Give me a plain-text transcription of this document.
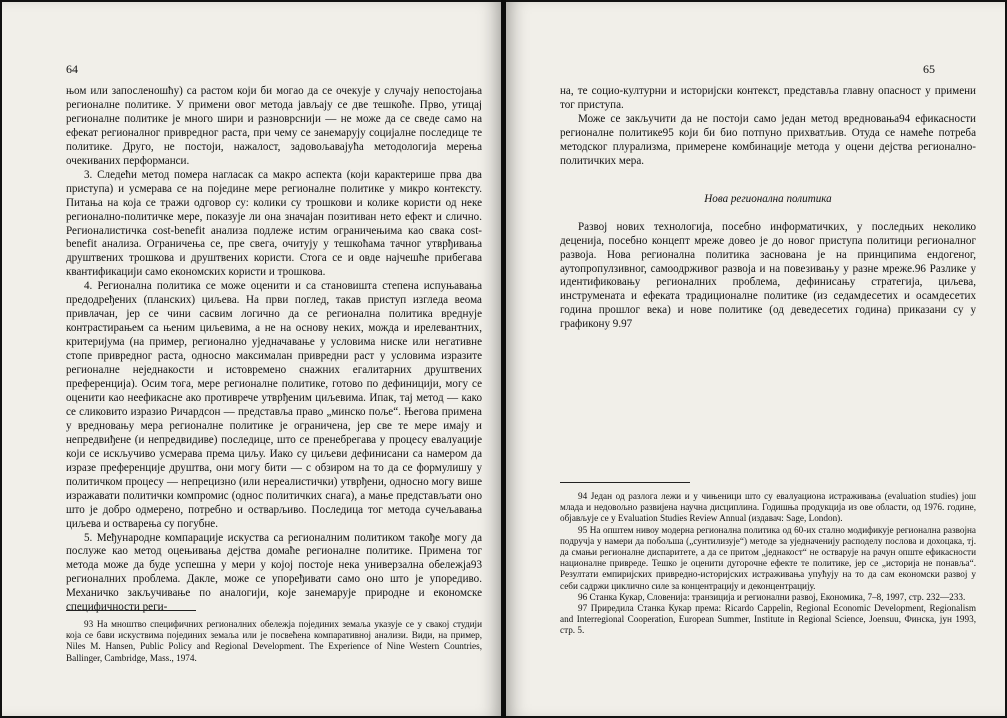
64

њом или запосленошћу) са растом који би могао да се очекује у случају непостојања регионалне политике. У примени овог метода јављају се две тешкоће. Прво, утицај регионалне политике је много шири и разноврснији — не може да се сведе само на ефекат регионалног привредног раста, при чему се занемарују социјалне последице те политике. Друго, не постоји, нажалост, задовољавајућа методологија мерења очекиваних перформанси.

3. Следећи метод померa нагласак са макро аспекта (који карактерише прва два приступа) и усмерава се на поједине мере регионалне политике у микро контексту. Питања на која се тражи одговор су: колики су трошкови и колике користи од неке регионално-политичке мере, показује ли она значајан позитиван нето ефект и слично. Регионалистичка cost-benefit анализа подлеже истим ограничењима као свака cost-benefit анализа. Ограничења се, пре свега, очитују у тешкоћама тачног утврђивања друштвених трошкова и друштвених користи. Стога се и овде најчешће прибегава квантификацији само економских користи и трошкова.

4. Регионална политика се може оценити и са становишта степена испуњавања предодређених (планских) циљева. На први поглед, такав приступ изгледа веома привлачан, јер се чини сасвим логично да се регионална политика вреднује контрастирањем са њеним циљевима, а не на основу неких, можда и ирелевантних, критеријума (на пример, регионално уједначавање у условима ниске или негативне стопе привредног раста, односно максималан привредни раст у условима изразите регионалне неједнакости и истовремено снажних егалитарних друштвених преференција). Осим тога, мере регионалне политике, готово по дефиницији, могу се оценити као неефикасне ако противрече утврђеним циљевима. Ипак, тај метод — како се сликовито изразио Ричардсон — представља право „минско поље“. Његова примена у вредновању мера регионалне политике је ограничена, јер све те мере имају и непредвиђене (и непредвидиве) последице, што се пренебрегава у процесу евалуације који се искључиво усмерава према циљу. Иако су циљеви дефинисани са намером да изразе преференције друштва, они могу бити — с обзиром на то да се формулишу у политичком процесу — непрецизно (или нереалистички) утврђени, односно могу више изражавати политички компромис (однос политичких снага), а мање представљати оно што је добро одмерено, потребно и остварљиво. Последица тог метода сучељавања циљева и остварења су погубне.

5. Међународне компарације искуства са регионалним политиком такође могу да послуже као метод оцењивања дејства домаће регионалне политике. Примена тог метода може да буде успешна у мери у којој постоје нека универзална обележја93 регионалних проблема. Дакле, може се упоређивати само оно што је упоредиво. Механичко закључивање по аналогији, које занемарује природне и економске специфичности реги-

93 На мноштво специфичних регионалних обележја појединих земаља указује се у свакој студији која се бави искуствима појединих земаља или је посвећена компаративној анализи. Види, на пример, Niles M. Hansen, Public Policy and Regional Development. The Experience of Nine Western Countries, Ballinger, Cambridge, Mass., 1974.

65

на, те социо-културни и историјски контекст, представља главну опасност у примени тог приступа.

Може се закључити да не постоји само један метод вредновања94 ефикасности регионалне политике95 који би био потпуно прихватљив. Отуда се намеће потреба методског плурализма, примерене комбинације метода у оцени дејства регионално-политичких мера.

Нова регионална политика

Развој нових технологија, посебно информатичких, у последњих неколико деценија, посебно концепт мреже довео је до новог приступа политици регионалног развоја. Нова регионална политика заснована је на принципима ендогеног, аутопропулзивног, самоодрживог развоја и на повезивању у разне мреже.96 Разлике у идентификовању регионалних проблема, дефинисању стратегија, циљева, инструмената и ефеката традиционалне политике (из седамдесетих и осамдесетих година прошлог века) и нове политике (од деведесетих година) приказани су у графикону 9.97

94 Један од разлога лежи и у чињеници што су евалуациона истраживања (evaluation studies) још млада и недовољно развијена научна дисциплина. Годишња продукција из ове области, од 1976. године, објављује се у Evaluation Studies Review Annual (издавач: Sage, London).

95 На општем нивоу модерна регионална политика од 60-их стално модификује регионална развојна подручја у намери да побољша („сунтилизује“) методе за уједначенију расподелу послова и дохоцака, тј. да смањи регионалне диспаритете, а да се притом „једнакост“ не остварује на рачун опште ефикасности националне привреде. Тешко је оценити дугорочне ефекте те политике, јер се „историја не понавља“. Резултати емпиријских привредно-историјских истраживања упућују на то да сам економски развој у себи садржи циклично силе за концентрацију и деконцентрацију.

96 Станка Кукар, Словенија: транзиција и регионални развој, Економика, 7–8, 1997, стр. 232—233.

97 Приредила Станка Кукар према: Ricardo Cappelin, Regional Economic Development, Regionalism and Interregional Cooperation, European Summer, Institute in Regional Science, Joensuu, Финска, јун 1993, стр. 5.
